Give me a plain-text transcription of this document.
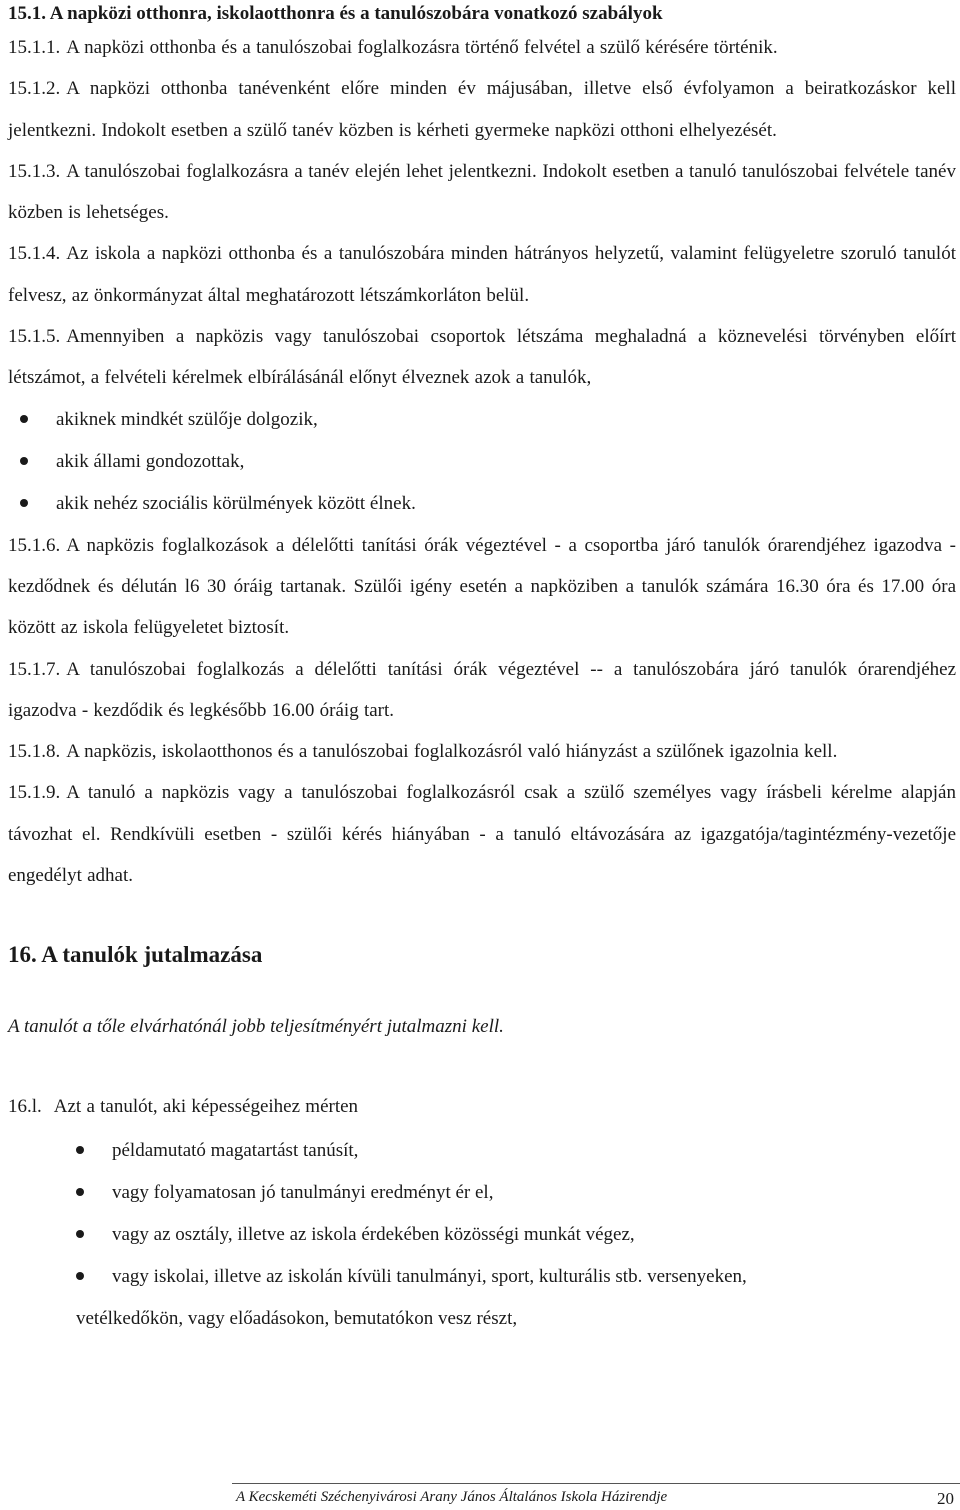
15.1. A napközi otthonra, iskolaotthonra és a tanulószobára vonatkozó szabályok

15.1.1. A napközi otthonba és a tanulószobai foglalkozásra történő felvétel a szülő kérésére történik.

15.1.2. A napközi otthonba tanévenként előre minden év májusában, illetve első évfolyamon a beiratkozáskor kell jelentkezni. Indokolt esetben a szülő tanév közben is kérheti gyermeke napközi otthoni elhelyezését.

15.1.3. A tanulószobai foglalkozásra a tanév elején lehet jelentkezni. Indokolt esetben a tanuló tanulószobai felvétele tanév közben is lehetséges.

15.1.4. Az iskola a napközi otthonba és a tanulószobára minden hátrányos helyzetű, valamint felügyeletre szoruló tanulót felvesz, az önkormányzat által meghatározott létszámkorláton belül.

15.1.5. Amennyiben a napközis vagy tanulószobai csoportok létszáma meghaladná a köznevelési törvényben előírt létszámot, a felvételi kérelmek elbírálásánál előnyt élveznek azok a tanulók,

akiknek mindkét szülője dolgozik,
akik állami gondozottak,
akik nehéz szociális körülmények között élnek.

15.1.6. A napközis foglalkozások a délelőtti tanítási órák végeztével - a csoportba járó tanulók órarendjéhez igazodva - kezdődnek és délután l6 30 óráig tartanak. Szülői igény esetén a napköziben a tanulók számára 16.30 óra és 17.00 óra között az iskola felügyeletet biztosít.

15.1.7. A tanulószobai foglalkozás a délelőtti tanítási órák végeztével -- a tanulószobára járó tanulók órarendjéhez igazodva - kezdődik és legkésőbb 16.00 óráig tart.

15.1.8. A napközis, iskolaotthonos és a tanulószobai foglalkozásról való hiányzást a szülőnek igazolnia kell.

15.1.9. A tanuló a napközis vagy a tanulószobai foglalkozásról csak a szülő személyes vagy írásbeli kérelme alapján távozhat el. Rendkívüli esetben - szülői kérés hiányában - a tanuló eltávozására az igazgatója/tagintézmény-vezetője engedélyt adhat.

16. A tanulók jutalmazása

A tanulót a tőle elvárhatónál jobb teljesítményért jutalmazni kell.

16.l. Azt a tanulót, aki képességeihez mérten

példamutató magatartást tanúsít,
vagy folyamatosan jó tanulmányi eredményt ér el,
vagy az osztály, illetve az iskola érdekében közösségi munkát végez,
vagy iskolai, illetve az iskolán kívüli tanulmányi, sport, kulturális stb. versenyeken,
vetélkedőkön, vagy előadásokon, bemutatókon vesz részt,
A Kecskeméti Széchenyivárosi Arany János Általános Iskola Házirendje	20
